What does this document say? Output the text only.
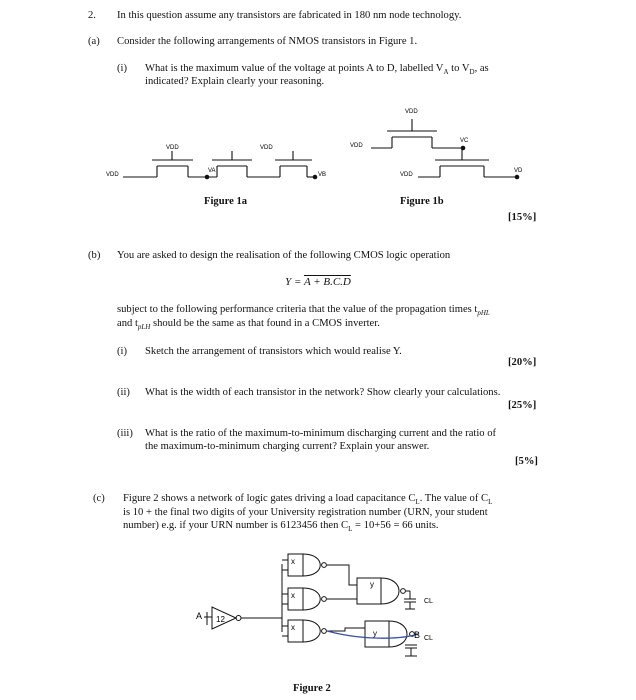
2. In this question assume any transistors are fabricated in 180 nm node technology.
(a) Consider the following arrangements of NMOS transistors in Figure 1.
(i) What is the maximum value of the voltage at points A to D, labelled $V_A$ to $V_D$, as
indicated? Explain clearly your reasoning.
VDD
VDD	VDD
VA
VB
VDD
VDD
VDD
VC
VD
Figure 1a	Figure 1b
[15%]
(b) You are asked to design the realisation of the following CMOS logic operation
Y = A + B.C.D
subject to the following performance criteria that the value of the propagation times $t_{pHL}$
and $t_{pLH}$ should be the same as that found in a CMOS inverter.
(i) Sketch the arrangement of transistors which would realise Y.
[20%]
(ii) What is the width of each transistor in the network? Show clearly your calculations.
[25%]
(iii) What is the ratio of the maximum-to-minimum discharging current and the ratio of
the maximum-to-minimum charging current? Explain your answer.
[5%]
(c) Figure 2 shows a network of logic gates driving a load capacitance $C_L$. The value of $C_L$
is 10 + the final two digits of your University registration number (URN, your student
number) e.g. if your URN number is 6123456 then $C_L = 10+56 = 66$ units.
A 12
x
x
x
y
y	B
CL
CL
Figure 2
